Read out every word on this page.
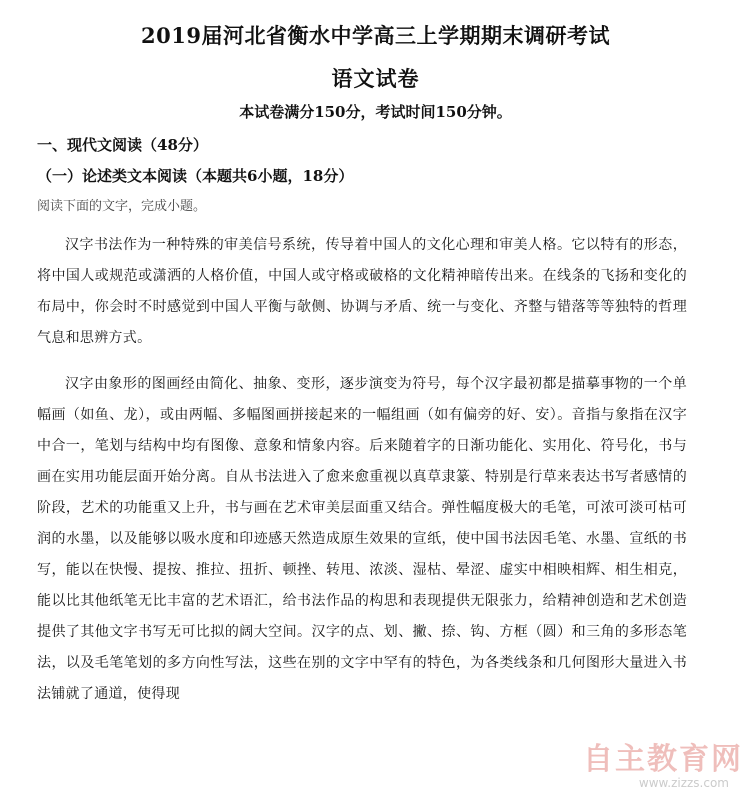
2019届河北省衡水中学高三上学期期末调研考试
语文试卷
本试卷满分150分，考试时间150分钟。
一、现代文阅读（48分）
（一）论述类文本阅读（本题共6小题，18分）
阅读下面的文字，完成小题。

汉字书法作为一种特殊的审美信号系统，传导着中国人的文化心理和审美人格。它以特有的形态，将中国人或规范或潇洒的人格价值，中国人或守格或破格的文化精神暗传出来。在线条的飞扬和变化的布局中，你会时不时感觉到中国人平衡与欹侧、协调与矛盾、统一与变化、齐整与错落等等独特的哲理气息和思辨方式。

汉字由象形的图画经由简化、抽象、变形，逐步演变为符号，每个汉字最初都是描摹事物的一个单幅画（如鱼、龙），或由两幅、多幅图画拼接起来的一幅组画（如有偏旁的好、安）。音指与象指在汉字中合一，笔划与结构中均有图像、意象和情象内容。后来随着字的日渐功能化、实用化、符号化，书与画在实用功能层面开始分离。自从书法进入了愈来愈重视以真草隶篆、特别是行草来表达书写者感情的阶段，艺术的功能重又上升，书与画在艺术审美层面重又结合。弹性幅度极大的毛笔，可浓可淡可枯可润的水墨，以及能够以吸水度和印迹感天然造成原生效果的宣纸，使中国书法因毛笔、水墨、宣纸的书写，能以在快慢、提按、推拉、扭折、顿挫、转甩、浓淡、湿枯、晕涩、虚实中相映相辉、相生相克，能以比其他纸笔无比丰富的艺术语汇，给书法作品的构思和表现提供无限张力，给精神创造和艺术创造提供了其他文字书写无可比拟的阔大空间。汉字的点、划、撇、捺、钩、方框（圆）和三角的多形态笔法，以及毛笔笔划的多方向性写法，这些在别的文字中罕有的特色，为各类线条和几何图形大量进入书法铺就了通道，使得现

自主教育网
www.zizzs.com
